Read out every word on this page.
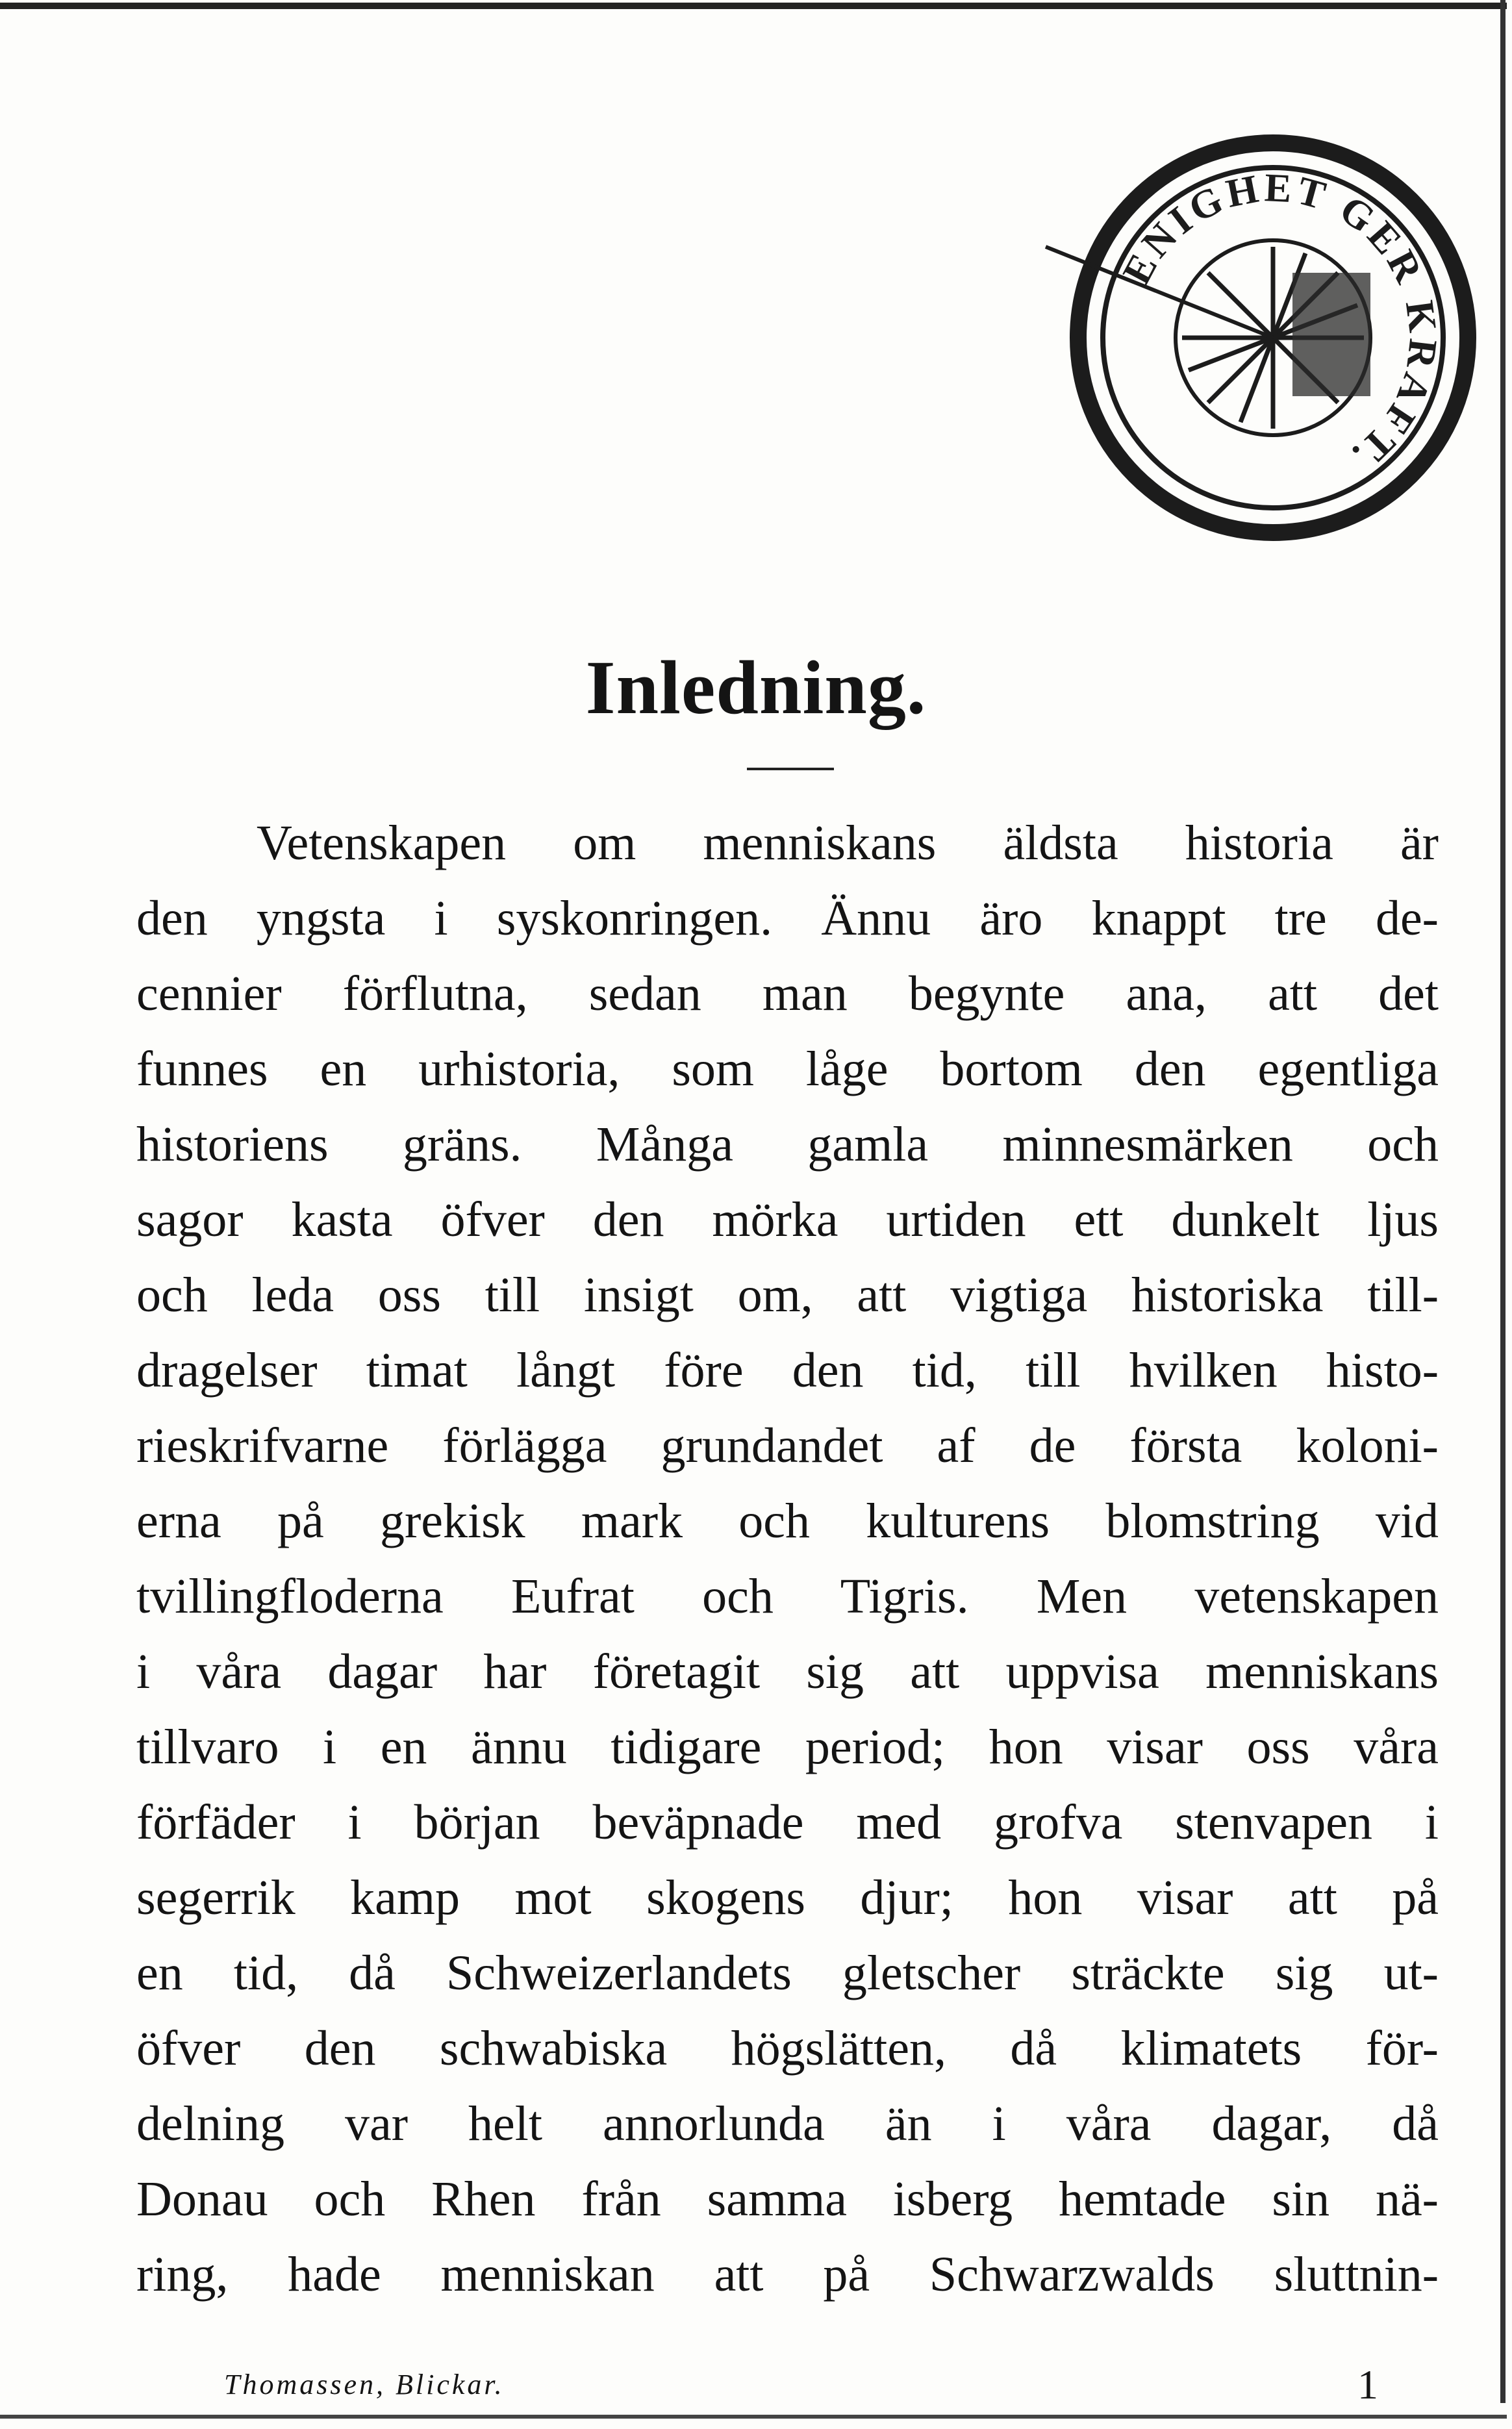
ENIGHET GER KRAFT.
Inledning.
Vetenskapen om menniskans äldsta historia är
den yngsta i syskonringen. Ännu äro knappt tre de-
cennier förflutna, sedan man begynte ana, att det
funnes en urhistoria, som låge bortom den egentliga
historiens gräns. Många gamla minnesmärken och
sagor kasta öfver den mörka urtiden ett dunkelt ljus
och leda oss till insigt om, att vigtiga historiska till-
dragelser timat långt före den tid, till hvilken histo-
rieskrifvarne förlägga grundandet af de första koloni-
erna på grekisk mark och kulturens blomstring vid
tvillingfloderna Eufrat och Tigris. Men vetenskapen
i våra dagar har företagit sig att uppvisa menniskans
tillvaro i en ännu tidigare period; hon visar oss våra
förfäder i början beväpnade med grofva stenvapen i
segerrik kamp mot skogens djur; hon visar att på
en tid, då Schweizerlandets gletscher sträckte sig ut-
öfver den schwabiska högslätten, då klimatets för-
delning var helt annorlunda än i våra dagar, då
Donau och Rhen från samma isberg hemtade sin nä-
ring, hade menniskan att på Schwarzwalds sluttnin-
Thomassen, Blickar.	1
